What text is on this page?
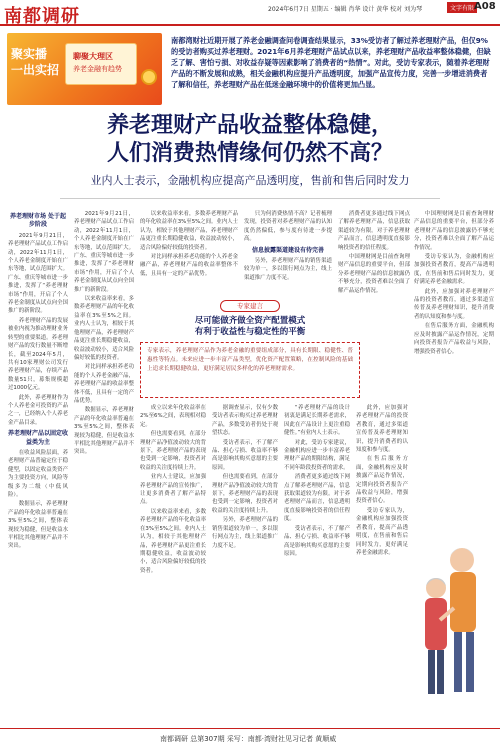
南都调研	2024年6月7日 星期五 · 编辑 肖华 设计 黄华 校对 刘为琴	文字有限 A08
聚实播
一出实招
聊聚大理区
养老金融有趋势
南都湾财社近期开展了养老金融调查问卷调查结果显示，33%受访者了解过养老理财产品，但仅9%的受访者购买过养老理财。2021年6月养老理财产品试点以来，养老理财产品收益率整体稳健，但缺乏了解、害怕亏损、对收益存疑等因素影响了消费者的“热情”。对此，受访专家表示，随着养老理财产品的不断发展和成熟，相关金融机构应提升产品透明度，加强产品宣传力度，完善一步增进消费者了解和信任，养老理财产品在低迷金融环境中的价值将更加凸显。
养老理财产品收益整体稳健，
人们消费热情缘何仍然不高？
业内人士表示，金融机构应提高产品透明度，售前和售后同时发力
养老理财市场 处于起步阶段

2021年9月21日，养老理财产品试点工作启动，2022年11月1日，个人养老金制度开始在广东等地，试点范围扩大。广东、重庆等城市进一步推进，发挥了“养老理财市场”作用，开启了个人养老金制度从试点向全国推广的新阶段。

养老理财产品的发展被业内视为推动理财业务转型的重要渠道。养老理财产品的发行数量不断增长，截至2024年5月，共有10家理财公司发行养老理财产品，存续产品数量51只，募集规模超过1000亿元。

此外，养老理财作为个人养老金可投资的产品之一，已经纳入个人养老金产品目录。

养老理财产品以固定收益类为主

在收益风险层面，养老理财产品普遍定位于稳健型，以固定收益类资产为主要投资方向，风险等级多为二级（中低风险）。

数据显示，养老理财产品的年化收益率普遍在3%至5%之间，整体表现较为稳健，但是收益水平相比其他理财产品并不突出。

2021年9月21日，养老理财产品试点工作启动，2022年11月1日，个人养老金制度开始在广东等地，试点范围扩大。广东、重庆等城市进一步推进，发挥了“养老理财市场”作用，开启了个人养老金制度从试点向全国推广的新阶段。

以来收益率来看，多数养老理财产品的年化收益率在3%至5%之间。业内人士认为，相较于其他理财产品，养老理财产品更注重长期稳健收益，收益波动较小，适合风险偏好较低的投资者。

对比同样承担养老功能的个人养老金融产品，养老理财产品的收益率整体不低，且具有一定的产品优势。

数据显示，养老理财产品的年化收益率普遍在3%至5%之间，整体表现较为稳健，但是收益水平相比其他理财产品并不突出。

以来收益率来看，多数养老理财产品的年化收益率在3%至5%之间。业内人士认为，相较于其他理财产品，养老理财产品更注重长期稳健收益，收益波动较小，适合风险偏好较低的投资者。

对比同样承担养老功能的个人养老金融产品，养老理财产品的收益率整体不低，且具有一定的产品优势。

只为何消费热情不高？记者梳理发现，投资者对养老理财产品的认知度仍然偏低，参与度有待进一步提高。

信息披露渠道建设有待完善

另外，养老理财产品的销售渠道较为单一，多以银行网点为主，线上渠道推广力度不足。

消费者更多通过线下网点了解养老理财产品，信息获取渠道较为有限。对于养老理财产品而言，信息透明度直接影响投资者的信任程度。

中国理财网是目前查询理财产品信息的重要平台，但部分养老理财产品的信息披露仍不够充分，投资者难以全面了解产品运作情况。

中国理财网是目前查询理财产品信息的重要平台，但部分养老理财产品的信息披露仍不够充分，投资者难以全面了解产品运作情况。

受访专家认为，金融机构应加强投资者教育，提高产品透明度，在售前和售后同时发力，更好满足养老金融需求。

此外，应加强对养老理财产品的投资者教育，通过多渠道宣传普及养老理财知识，提升消费者的认知度和参与度。

在售后服务方面，金融机构应及时披露产品运作情况，定期向投资者报告产品收益与风险，增强投资者信心。

专家建言
尽可能做齐做全资产配置模式
有利于收益性与稳定性的平衡
专家表示，养老理财产品作为养老金融的重要组成部分，具有长期限、稳健性、普惠性等特点。未来应进一步丰富产品类型，优化资产配置策略，在控制风险的基础上追求长期稳健收益，更好满足居民多样化的养老理财需求。

成立以来年化收益率在2%至6%之间，表现相对稳定。

但也需要看到，在部分理财产品净值波动较大的背景下，养老理财产品的表现也受到一定影响，投资者对收益的关注度持续上升。

业内人士建议，应加强养老理财产品的宣传推广，让更多消费者了解产品特点。

以来收益率来看，多数养老理财产品的年化收益率在3%至5%之间。业内人士认为，相较于其他理财产品，养老理财产品更注重长期稳健收益，收益波动较小，适合风险偏好较低的投资者。

据调查显示，仅有少数受访者表示购买过养老理财产品，多数受访者仍处于观望状态。

受访者表示，不了解产品、担心亏损、收益率不够高是影响其购买意愿的主要原因。

但也需要看到，在部分理财产品净值波动较大的背景下，养老理财产品的表现也受到一定影响，投资者对收益的关注度持续上升。

另外，养老理财产品的销售渠道较为单一，多以银行网点为主，线上渠道推广力度不足。

“养老理财产品的设计初衷是满足长期养老需求，因此在产品设计上更注重稳健性。”有业内人士表示。

对此，受访专家建议，金融机构应进一步丰富养老理财产品的期限结构，满足不同年龄段投资者的需求。

消费者更多通过线下网点了解养老理财产品，信息获取渠道较为有限。对于养老理财产品而言，信息透明度直接影响投资者的信任程度。

受访者表示，不了解产品、担心亏损、收益率不够高是影响其购买意愿的主要原因。

此外，应加强对养老理财产品的投资者教育，通过多渠道宣传普及养老理财知识，提升消费者的认知度和参与度。

在售后服务方面，金融机构应及时披露产品运作情况，定期向投资者报告产品收益与风险，增强投资者信心。

受访专家认为，金融机构应加强投资者教育，提高产品透明度，在售前和售后同时发力，更好满足养老金融需求。

南都调研 总第307期 采写：南都·湾财社见习记者 黄顺威
